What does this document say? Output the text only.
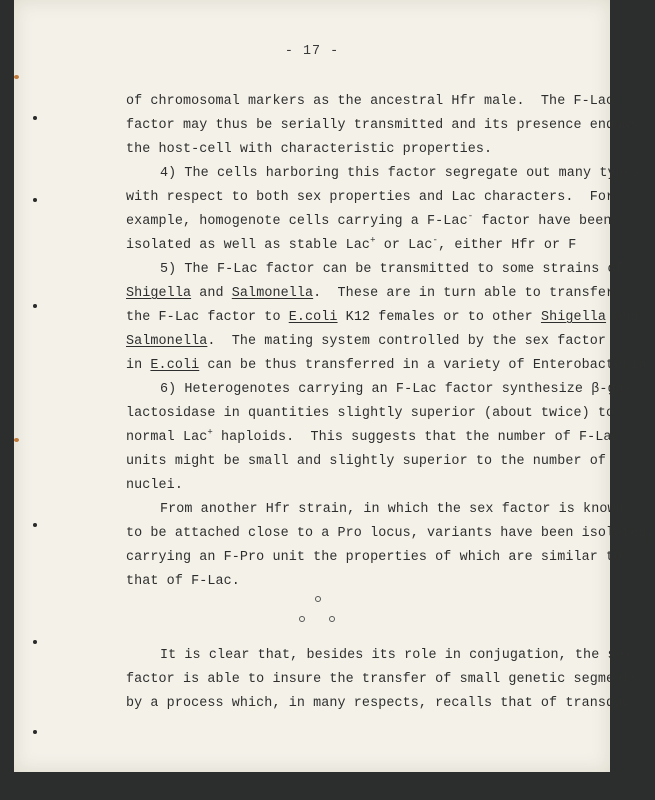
- 17 -
of chromosomal markers as the ancestral Hfr male.  The F-Lac
factor may thus be serially transmitted and its presence endows
the host-cell with characteristic properties.
4) The cells harboring this factor segregate out many types
with respect to both sex properties and Lac characters.  For
example, homogenote cells carrying a F-Lac- factor have been
isolated as well as stable Lac+ or Lac-, either Hfr or F
5) The F-Lac factor can be transmitted to some strains of
Shigella and Salmonella.  These are in turn able to transfer
the F-Lac factor to E.coli K12 females or to other Shigella and
Salmonella.  The mating system controlled by the sex factor
in E.coli can be thus transferred in a variety of Enterobacteria.
6) Heterogenotes carrying an F-Lac factor synthesize β-ga-
lactosidase in quantities slightly superior (about twice) to
normal Lac+ haploids.  This suggests that the number of F-Lac
units might be small and slightly superior to the number of
nuclei.
From another Hfr strain, in which the sex factor is known
to be attached close to a Pro locus, variants have been isolated,
carrying an F-Pro unit the properties of which are similar to
that of F-Lac.
It is clear that, besides its role in conjugation, the sex
factor is able to insure the transfer of small genetic segments
by a process which, in many respects, recalls that of transduc-
